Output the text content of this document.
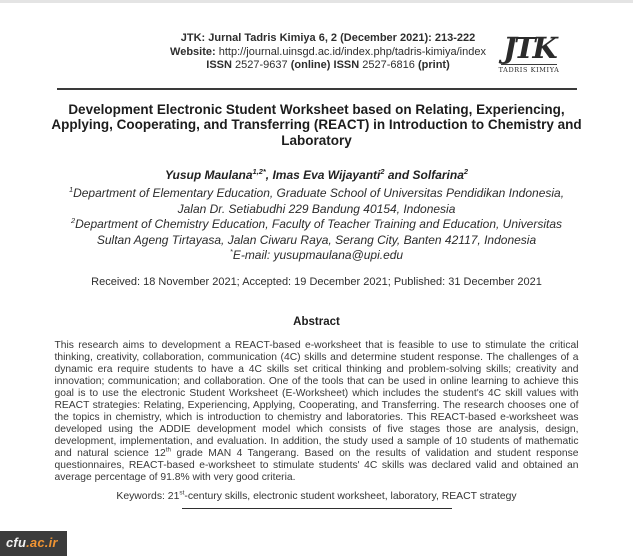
JTK: Jurnal Tadris Kimiya 6, 2 (December 2021): 213-222
Website: http://journal.uinsgd.ac.id/index.php/tadris-kimiya/index
ISSN 2527-9637 (online) ISSN 2527-6816 (print)
JTK
TADRIS KIMIYA
Development Electronic Student Worksheet based on Relating, Experiencing, Applying, Cooperating, and Transferring (REACT) in Introduction to Chemistry and Laboratory

Yusup Maulana$^{1,2*}$, Imas Eva Wijayanti$^2$ and Solfarina$^2$

$^1$Department of Elementary Education, Graduate School of Universitas Pendidikan Indonesia, Jalan Dr. Setiabudhi 229 Bandung 40154, Indonesia

$^2$Department of Chemistry Education, Faculty of Teacher Training and Education, Universitas Sultan Ageng Tirtayasa, Jalan Ciwaru Raya, Serang City, Banten 42117, Indonesia

*E-mail: yusupmaulana@upi.edu

Received: 18 November 2021; Accepted: 19 December 2021; Published: 31 December 2021

Abstract

This research aims to development a REACT-based e-worksheet that is feasible to use to stimulate the critical thinking, creativity, collaboration, communication (4C) skills and determine student response. The challenges of a dynamic era require students to have a 4C skills set critical thinking and problem-solving skills; creativity and innovation; communication; and collaboration. One of the tools that can be used in online learning to achieve this goal is to use the electronic Student Worksheet (E-Worksheet) which includes the student's 4C skill values with REACT strategies: Relating, Experiencing, Applying, Cooperating, and Transferring. The research chooses one of the topics in chemistry, which is introduction to chemistry and laboratories. This REACT-based e-worksheet was developed using the ADDIE development model which consists of five stages those are analysis, design, development, implementation, and evaluation. In addition, the study used a sample of 10 students of mathematic and natural science 12th grade MAN 4 Tangerang. Based on the results of validation and student response questionnaires, REACT-based e-worksheet to stimulate students' 4C skills was declared valid and obtained an average percentage of 91.8% with very good criteria.

Keywords: 21st-century skills, electronic student worksheet, laboratory, REACT strategy

cfu.ac.ir
